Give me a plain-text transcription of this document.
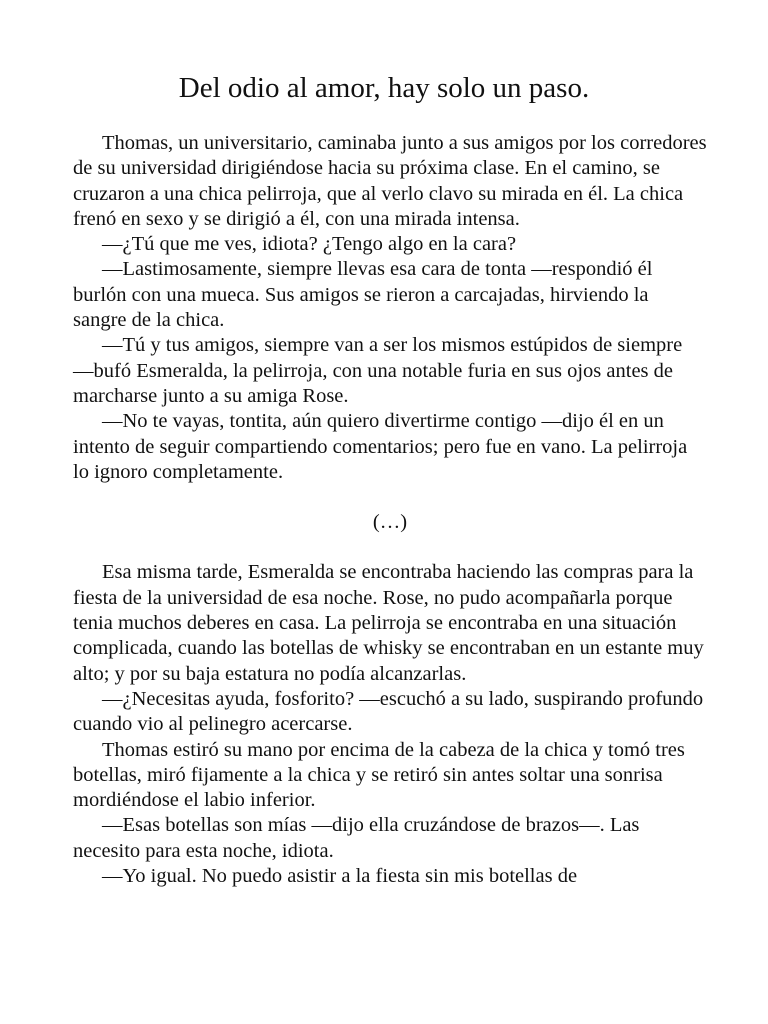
Del odio al amor, hay solo un paso.

Thomas, un universitario, caminaba junto a sus amigos por los corredores de su universidad dirigiéndose hacia su próxima clase. En el camino, se cruzaron a una chica pelirroja, que al verlo clavo su mirada en él. La chica frenó en sexo y se dirigió a él, con una mirada intensa.

—¿Tú que me ves, idiota? ¿Tengo algo en la cara?

—Lastimosamente, siempre llevas esa cara de tonta —respondió él burlón con una mueca. Sus amigos se rieron a carcajadas, hirviendo la sangre de la chica.

—Tú y tus amigos, siempre van a ser los mismos estúpidos de siempre —bufó Esmeralda, la pelirroja, con una notable furia en sus ojos antes de marcharse junto a su amiga Rose.

—No te vayas, tontita, aún quiero divertirme contigo —dijo él en un intento de seguir compartiendo comentarios; pero fue en vano. La pelirroja lo ignoro completamente.

(…)

Esa misma tarde, Esmeralda se encontraba haciendo las compras para la fiesta de la universidad de esa noche. Rose, no pudo acompañarla porque tenia muchos deberes en casa. La pelirroja se encontraba en una situación complicada, cuando las botellas de whisky se encontraban en un estante muy alto; y por su baja estatura no podía alcanzarlas.

—¿Necesitas ayuda, fosforito? —escuchó a su lado, suspirando profundo cuando vio al pelinegro acercarse.

Thomas estiró su mano por encima de la cabeza de la chica y tomó tres botellas, miró fijamente a la chica y se retiró sin antes soltar una sonrisa mordiéndose el labio inferior.

—Esas botellas son mías —dijo ella cruzándose de brazos—. Las necesito para esta noche, idiota.

—Yo igual. No puedo asistir a la fiesta sin mis botellas de
